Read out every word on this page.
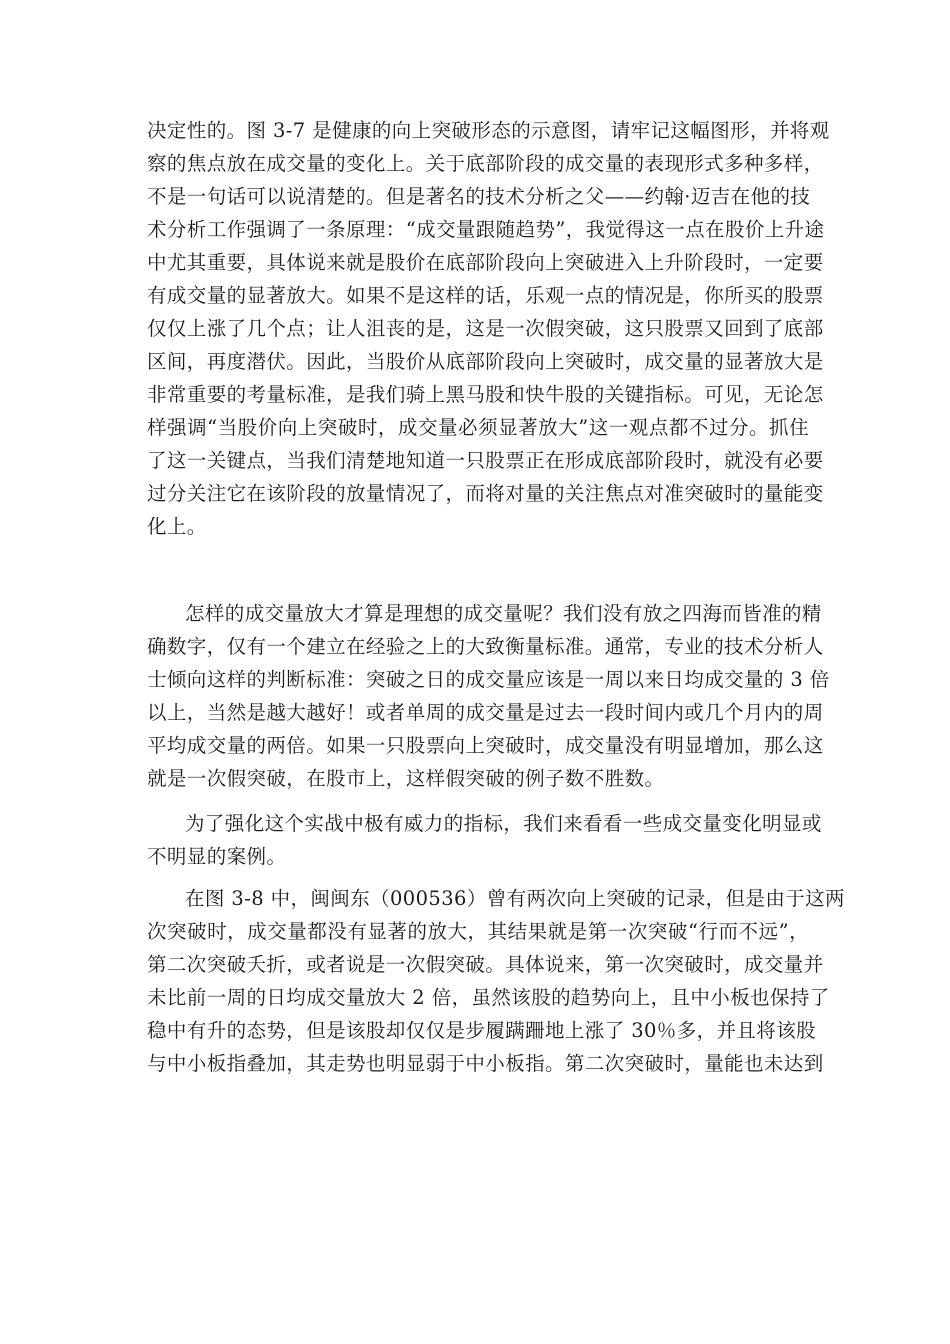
决定性的。图 3-7 是健康的向上突破形态的示意图，请牢记这幅图形，并将观
察的焦点放在成交量的变化上。关于底部阶段的成交量的表现形式多种多样，
不是一句话可以说清楚的。但是著名的技术分析之父——约翰·迈吉在他的技
术分析工作强调了一条原理：“成交量跟随趋势”，我觉得这一点在股价上升途
中尤其重要，具体说来就是股价在底部阶段向上突破进入上升阶段时，一定要
有成交量的显著放大。如果不是这样的话，乐观一点的情况是，你所买的股票
仅仅上涨了几个点；让人沮丧的是，这是一次假突破，这只股票又回到了底部
区间，再度潜伏。因此，当股价从底部阶段向上突破时，成交量的显著放大是
非常重要的考量标准，是我们骑上黑马股和快牛股的关键指标。可见，无论怎
样强调“当股价向上突破时，成交量必须显著放大”这一观点都不过分。抓住
了这一关键点，当我们清楚地知道一只股票正在形成底部阶段时，就没有必要
过分关注它在该阶段的放量情况了，而将对量的关注焦点对准突破时的量能变
化上。
怎样的成交量放大才算是理想的成交量呢？我们没有放之四海而皆准的精
确数字，仅有一个建立在经验之上的大致衡量标准。通常，专业的技术分析人
士倾向这样的判断标准：突破之日的成交量应该是一周以来日均成交量的 3 倍
以上，当然是越大越好！或者单周的成交量是过去一段时间内或几个月内的周
平均成交量的两倍。如果一只股票向上突破时，成交量没有明显增加，那么这
就是一次假突破，在股市上，这样假突破的例子数不胜数。
为了强化这个实战中极有威力的指标，我们来看看一些成交量变化明显或
不明显的案例。
在图 3-8 中，闽闽东（000536）曾有两次向上突破的记录，但是由于这两
次突破时，成交量都没有显著的放大，其结果就是第一次突破“行而不远”，
第二次突破夭折，或者说是一次假突破。具体说来，第一次突破时，成交量并
未比前一周的日均成交量放大 2 倍，虽然该股的趋势向上，且中小板也保持了
稳中有升的态势，但是该股却仅仅是步履蹒跚地上涨了 30％多，并且将该股
与中小板指叠加，其走势也明显弱于中小板指。第二次突破时，量能也未达到
